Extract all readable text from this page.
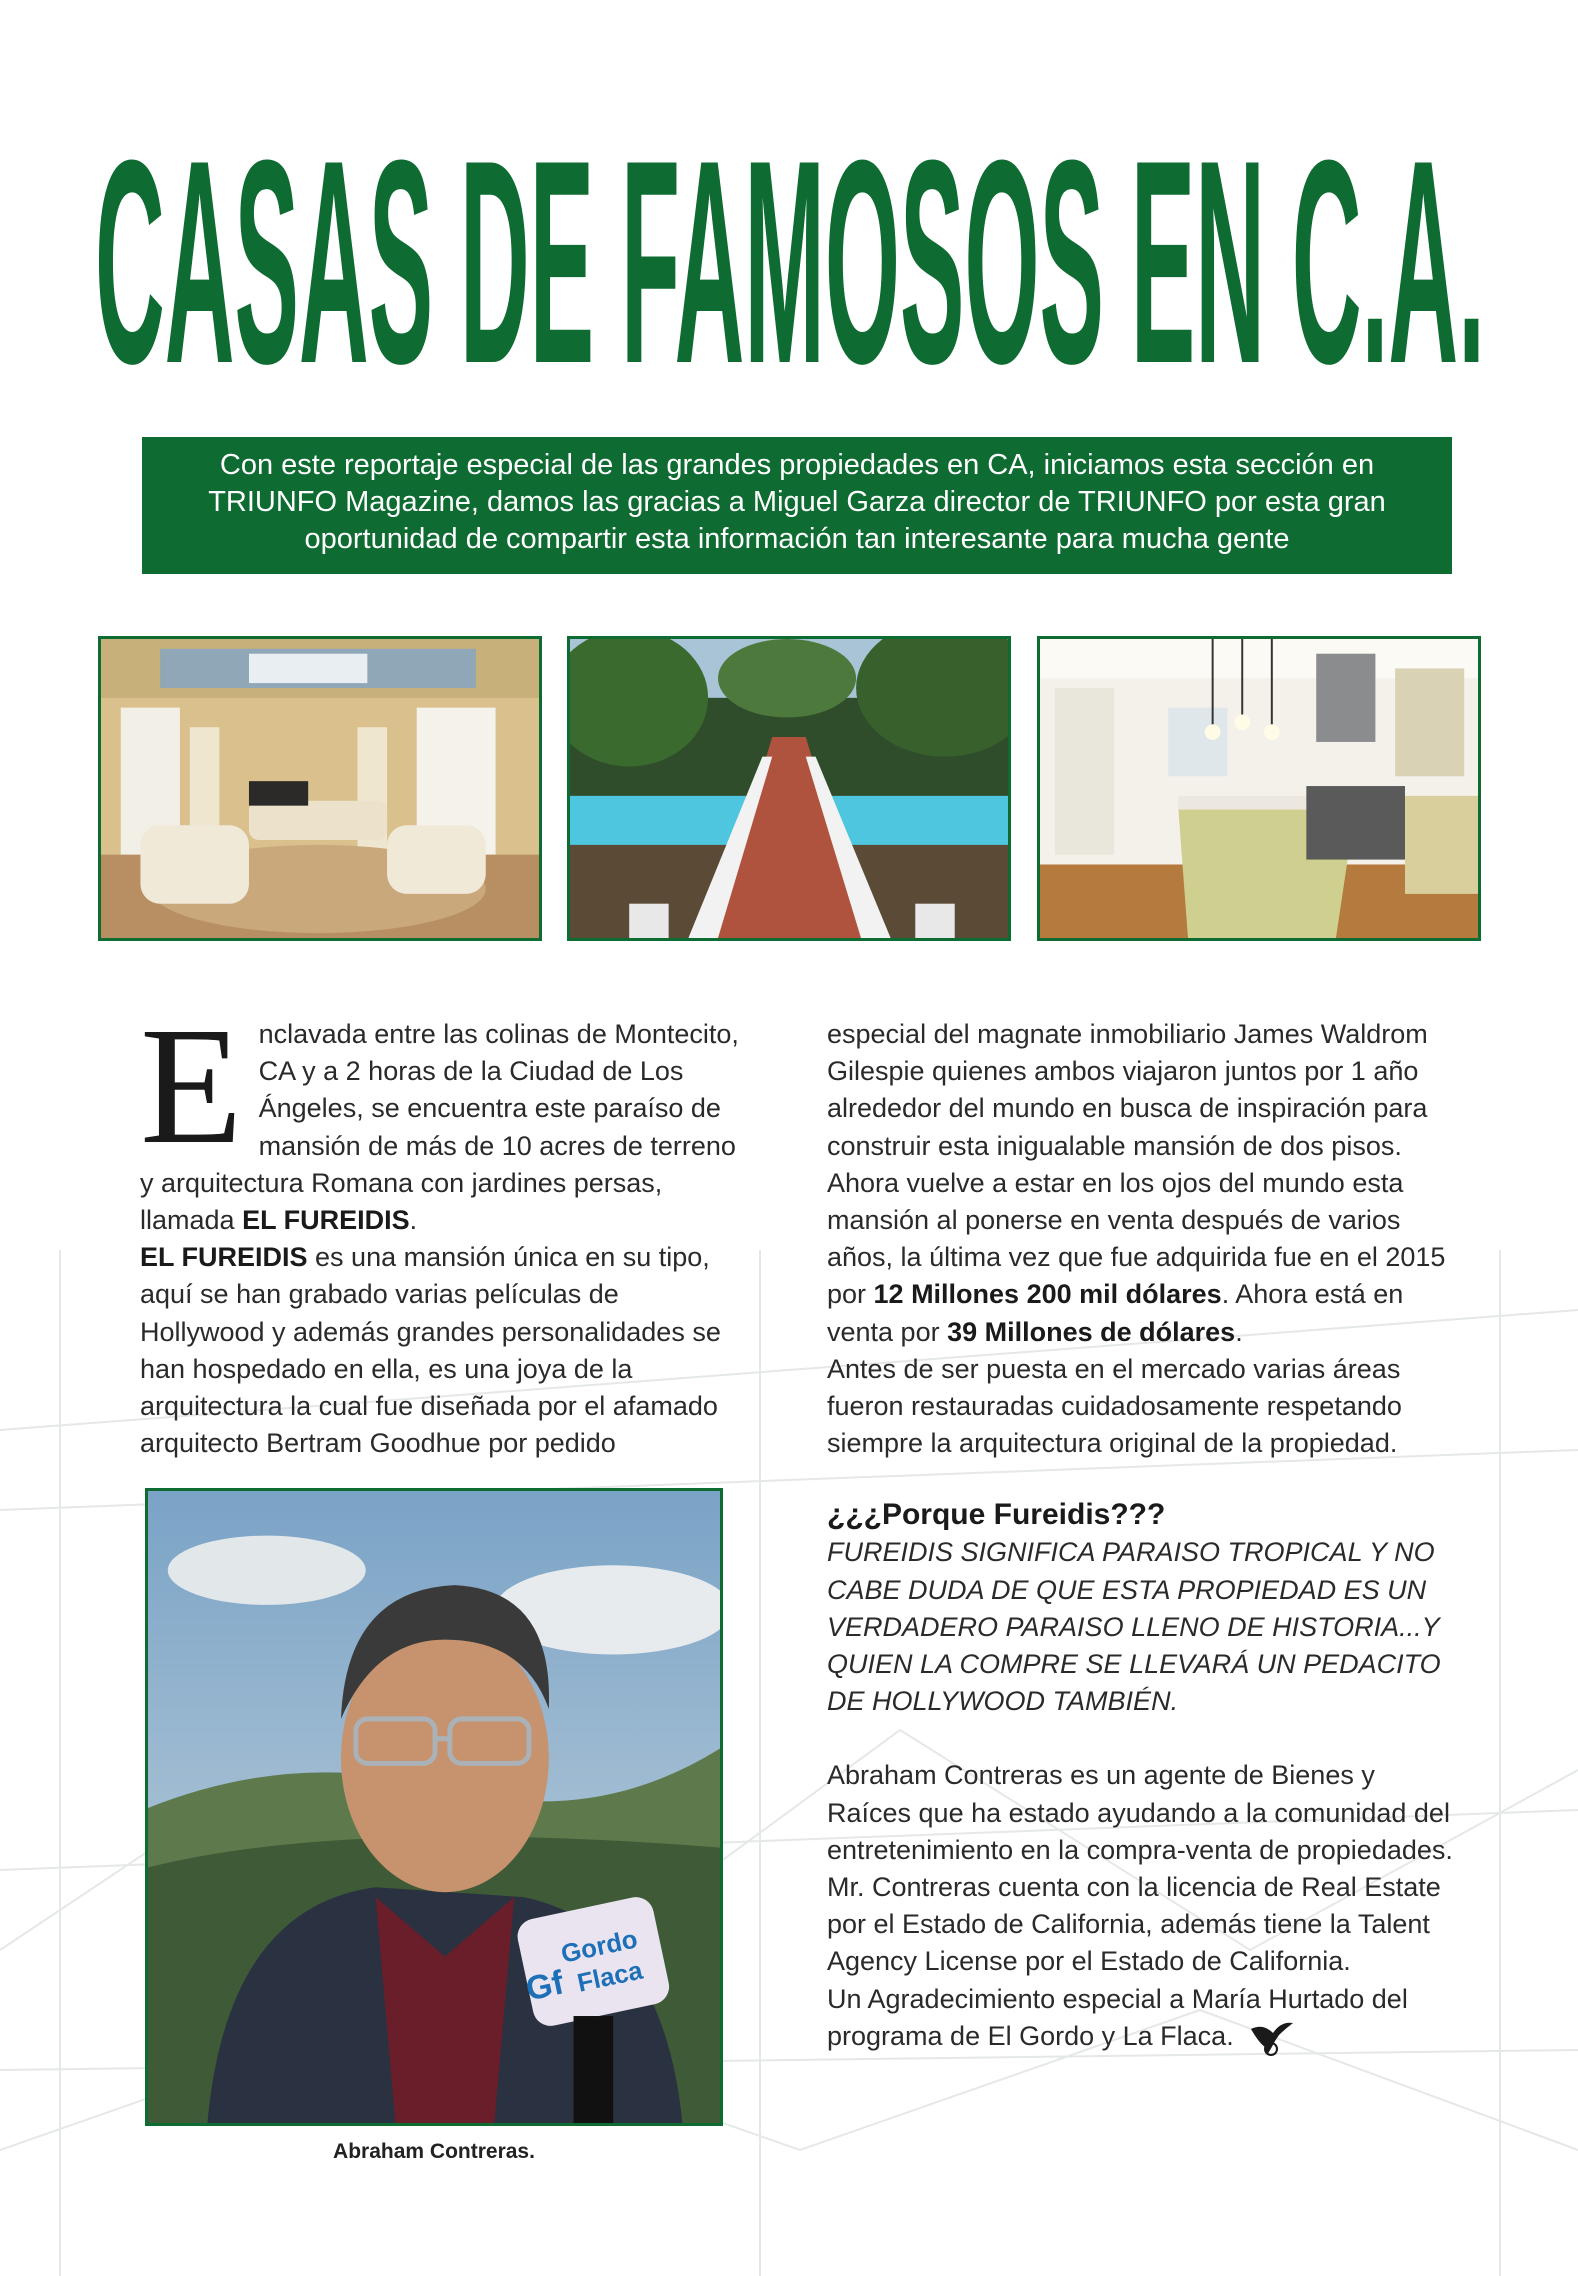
CASAS DE FAMOSOS EN C.A.
Con este reportaje especial de las grandes propiedades en CA, iniciamos esta sección en TRIUNFO Magazine, damos las gracias a Miguel Garza director de TRIUNFO por esta gran oportunidad de compartir esta información tan interesante para mucha gente

Enclavada entre las colinas de Montecito, CA y a 2 horas de la Ciudad de Los Ángeles, se encuentra este paraíso de mansión de más de 10 acres de terreno y arquitectura Romana con jardines persas, llamada EL FUREIDIS.

EL FUREIDIS es una mansión única en su tipo, aquí se han grabado varias películas de Hollywood y además grandes personalidades se han hospedado en ella, es una joya de la arquitectura la cual fue diseñada por el afamado arquitecto Bertram Goodhue por pedido

Gordo
Flaca
Gf
Abraham Contreras.

especial del magnate inmobiliario James Waldrom Gilespie quienes ambos viajaron juntos por 1 año alrededor del mundo en busca de inspiración para construir esta inigualable mansión de dos pisos.

Ahora vuelve a estar en los ojos del mundo esta mansión al ponerse en venta después de varios años, la última vez que fue adquirida fue en el 2015 por 12 Millones 200 mil dólares. Ahora está en venta por 39 Millones de dólares.

Antes de ser puesta en el mercado varias áreas fueron restauradas cuidadosamente respetando siempre la arquitectura original de la propiedad.

¿¿¿Porque Fureidis???

FUREIDIS SIGNIFICA PARAISO TROPICAL Y NO CABE DUDA DE QUE ESTA PROPIEDAD ES UN VERDADERO PARAISO LLENO DE HISTORIA...Y QUIEN LA COMPRE SE LLEVARÁ UN PEDACITO DE HOLLYWOOD TAMBIÉN.

Abraham Contreras es un agente de Bienes y Raíces que ha estado ayudando a la comunidad del entretenimiento en la compra-venta de propiedades.

Mr. Contreras cuenta con la licencia de Real Estate por el Estado de California, además tiene la Talent Agency License por el Estado de California.

Un Agradecimiento especial a María Hurtado del programa de El Gordo y La Flaca.
